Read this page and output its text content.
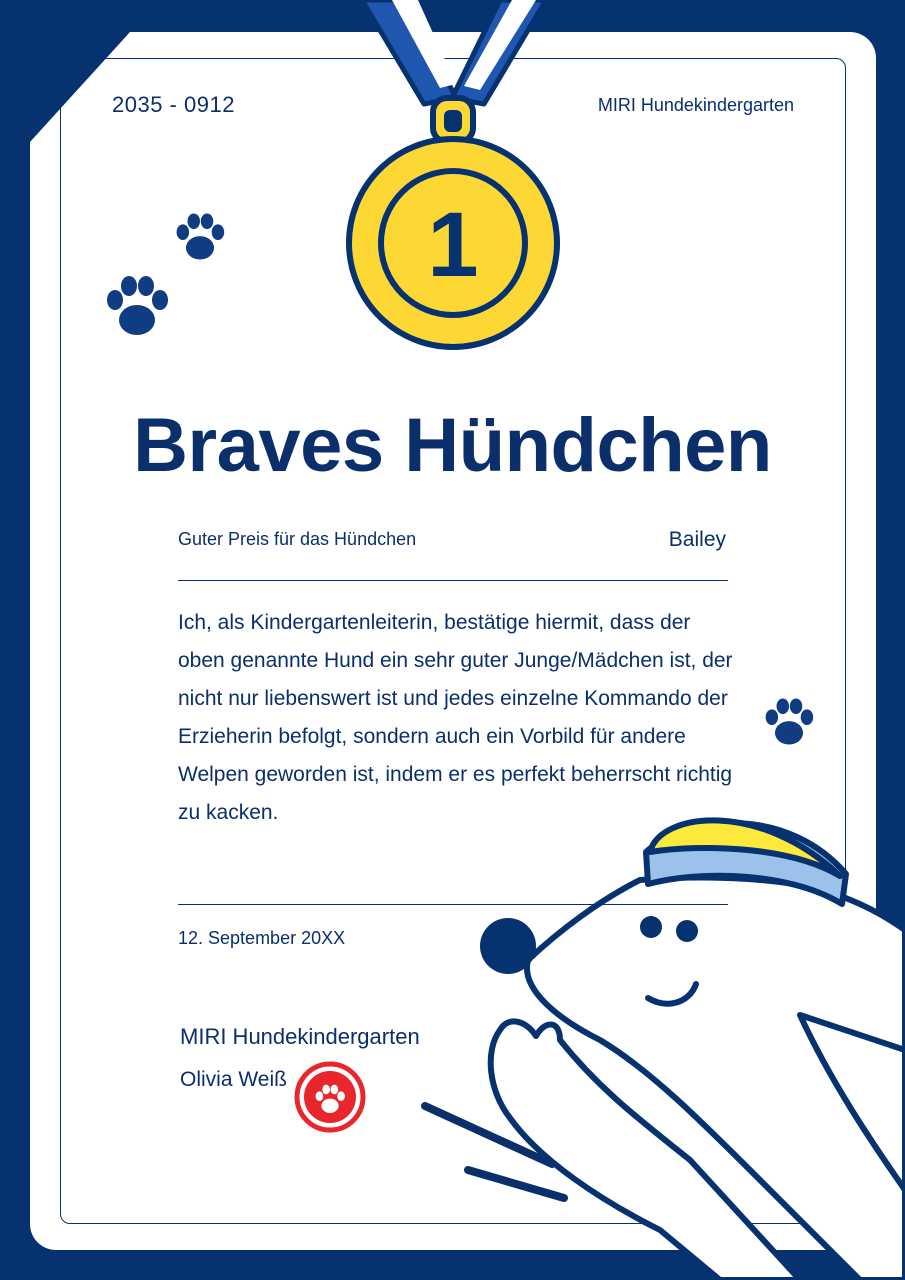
2035 - 0912	MIRI Hundekindergarten
1
Braves Hündchen
Guter Preis für das Hündchen	Bailey

Ich, als Kindergartenleiterin, bestätige hiermit, dass der oben genannte Hund ein sehr guter Junge/Mädchen ist, der nicht nur liebenswert ist und jedes einzelne Kommando der Erzieherin befolgt, sondern auch ein Vorbild für andere Welpen geworden ist, indem er es perfekt beherrscht richtig zu kacken.

12. September 20XX
MIRI Hundekindergarten
Olivia Weiß
